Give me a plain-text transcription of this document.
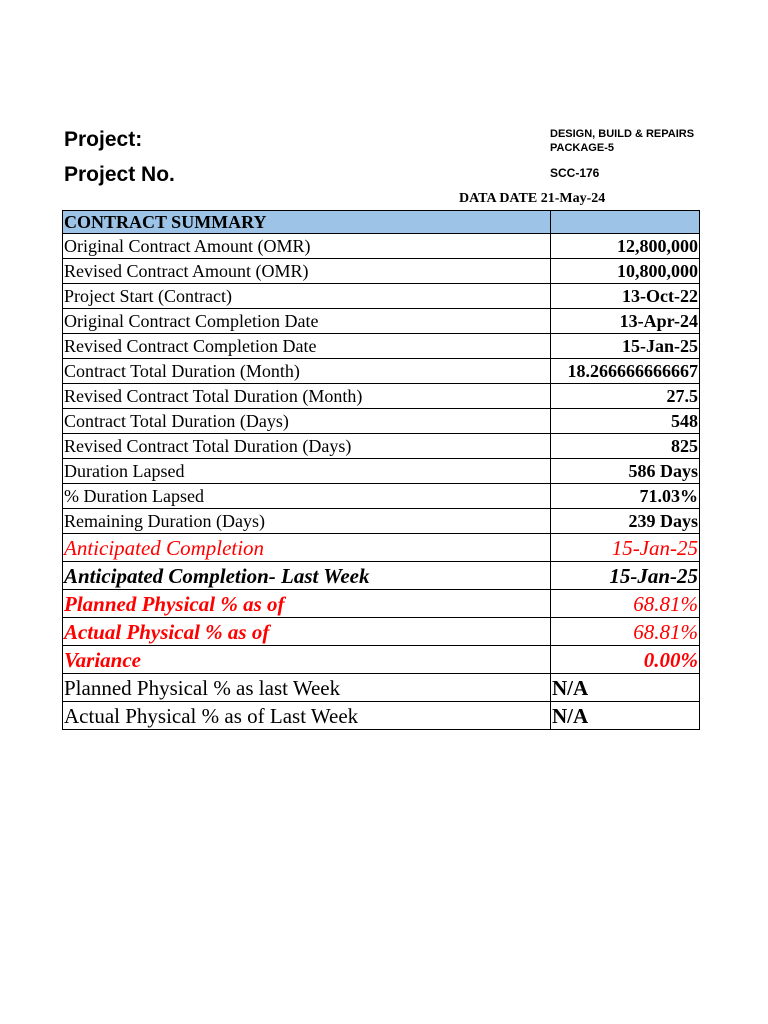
Project:
Project No.
DESIGN, BUILD & REPAIRS
PACKAGE-5
SCC-176
DATA DATE 21-May-24
CONTRACT SUMMARY	
Original Contract Amount (OMR)	12,800,000
Revised Contract Amount (OMR)	10,800,000
Project Start (Contract)	13-Oct-22
Original Contract Completion Date	13-Apr-24
Revised Contract Completion Date	15-Jan-25
Contract Total Duration (Month)	18.266666666667
Revised Contract Total Duration (Month)	27.5
Contract Total Duration (Days)	548
Revised Contract Total Duration (Days)	825
Duration Lapsed	586 Days
% Duration Lapsed	71.03%
Remaining Duration (Days)	239 Days
Anticipated Completion	15-Jan-25
Anticipated Completion- Last Week	15-Jan-25
Planned Physical % as of	68.81%
Actual Physical % as of	68.81%
Variance	0.00%
Planned Physical % as last Week	N/A
Actual Physical % as of Last Week	N/A
